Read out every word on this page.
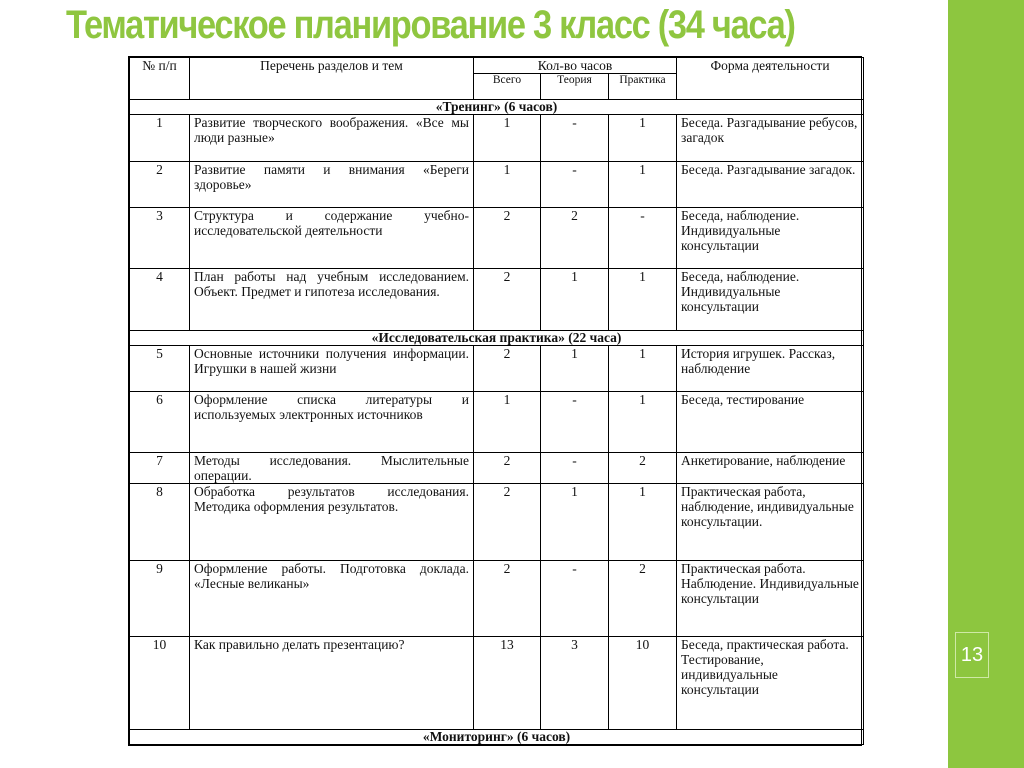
Тематическое планирование 3 класс (34 часа)
13
№ п/п	Перечень разделов и тем	Кол-во часов			Форма деятельности
		Всего	Теория	Практика	
«Тренинг» (6 часов)					
1	Развитие творческого воображения. «Все мы люди разные»	1	-	1	Беседа. Разгадывание ребусов, загадок
2	Развитие памяти и внимания «Береги здоровье»	1	-	1	Беседа. Разгадывание загадок.
3	Структура и содержание учебно-исследовательской деятельности	2	2	-	Беседа, наблюдение. Индивидуальные консультации
4	План работы над учебным исследованием. Объект. Предмет и гипотеза исследования.	2	1	1	Беседа, наблюдение. Индивидуальные консультации
«Исследовательская практика» (22 часа)					
5	Основные источники получения информации. Игрушки в нашей жизни	2	1	1	История игрушек. Рассказ, наблюдение
6	Оформление списка литературы и используемых электронных источников	1	-	1	Беседа, тестирование
7	Методы исследования. Мыслительные операции.	2	-	2	Анкетирование, наблюдение
8	Обработка результатов исследования. Методика оформления результатов.	2	1	1	Практическая работа, наблюдение, индивидуальные консультации.
9	Оформление работы. Подготовка доклада. «Лесные великаны»	2	-	2	Практическая работа. Наблюдение. Индивидуальные консультации
10	Как правильно делать презентацию?	13	3	10	Беседа, практическая работа. Тестирование, индивидуальные консультации
«Мониторинг» (6 часов)					
